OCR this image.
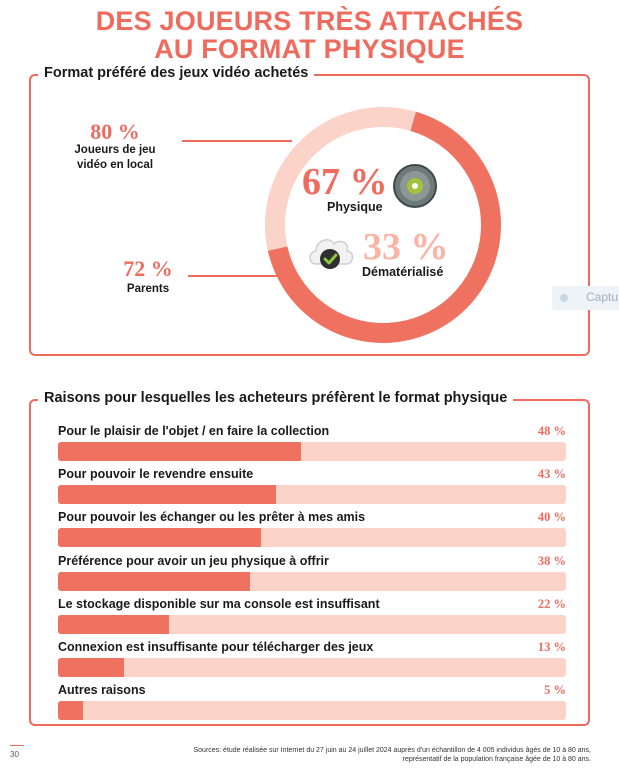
DES JOUEURS TRÈS ATTACHÉS
AU FORMAT PHYSIQUE
Format préféré des jeux vidéo achetés
80 %
Joueurs de jeu
vidéo en local
72 %
Parents
67 %
Physique
33 %
Dématérialisé
Captu
Raisons pour lesquelles les acheteurs préfèrent le format physique
Pour le plaisir de l'objet / en faire la collection	48 %
Pour pouvoir le revendre ensuite	43 %
Pour pouvoir les échanger ou les prêter à mes amis	40 %
Préférence pour avoir un jeu physique à offrir	38 %
Le stockage disponible sur ma console est insuffisant	22 %
Connexion est insuffisante pour télécharger des jeux	13 %
Autres raisons	5 %
30	Sources: étude réalisée sur Internet du 27 juin au 24 juillet 2024 auprès d'un échantillon de 4 005 individus âgés de 10 à 80 ans,
représentatif de la population française âgée de 10 à 80 ans.
